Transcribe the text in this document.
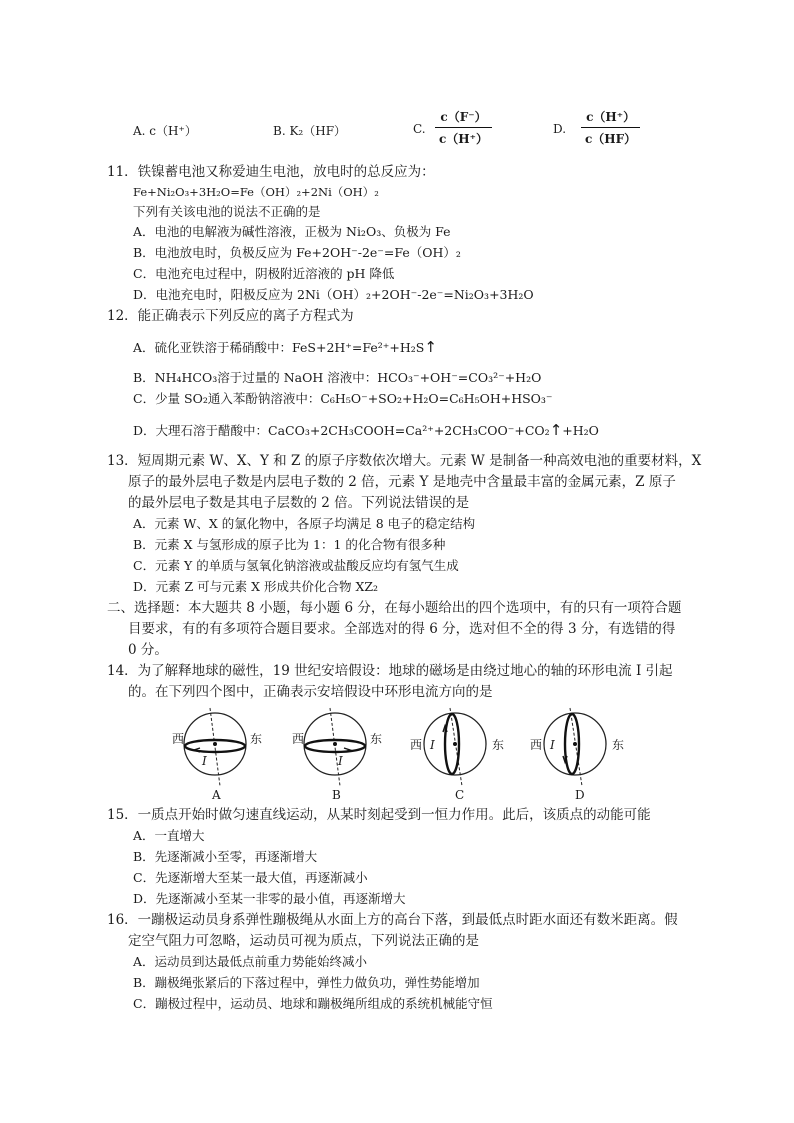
A. c（H⁺）	B. K₂（HF）	C.
c（F⁻）
c（H⁺）
D.
c（H⁺）
c（HF）
11．铁镍蓄电池又称爱迪生电池，放电时的总反应为：
Fe+Ni₂O₃+3H₂O=Fe（OH）₂+2Ni（OH）₂
下列有关该电池的说法不正确的是
A．电池的电解液为碱性溶液，正极为 Ni₂O₃、负极为 Fe
B．电池放电时，负极反应为 Fe+2OH⁻-2e⁻=Fe（OH）₂
C．电池充电过程中，阴极附近溶液的 pH 降低
D．电池充电时，阳极反应为 2Ni（OH）₂+2OH⁻-2e⁻=Ni₂O₃+3H₂O
12．能正确表示下列反应的离子方程式为
A．硫化亚铁溶于稀硝酸中：FeS+2H⁺=Fe²⁺+H₂S↑
B．NH₄HCO₃溶于过量的 NaOH 溶液中：HCO₃⁻+OH⁻=CO₃²⁻+H₂O
C．少量 SO₂通入苯酚钠溶液中：C₆H₅O⁻+SO₂+H₂O=C₆H₅OH+HSO₃⁻
D．大理石溶于醋酸中：CaCO₃+2CH₃COOH=Ca²⁺+2CH₃COO⁻+CO₂↑+H₂O
13．短周期元素 W、X、Y 和 Z 的原子序数依次增大。元素 W 是制备一种高效电池的重要材料，X
原子的最外层电子数是内层电子数的 2 倍，元素 Y 是地壳中含量最丰富的金属元素，Z 原子
的最外层电子数是其电子层数的 2 倍。下列说法错误的是
A．元素 W、X 的氯化物中，各原子均满足 8 电子的稳定结构
B．元素 X 与氢形成的原子比为 1：1 的化合物有很多种
C．元素 Y 的单质与氢氧化钠溶液或盐酸反应均有氢气生成
D．元素 Z 可与元素 X 形成共价化合物 XZ₂
二、选择题：本大题共 8 小题，每小题 6 分，在每小题给出的四个选项中，有的只有一项符合题
目要求，有的有多项符合题目要求。全部选对的得 6 分，选对但不全的得 3 分，有选错的得
0 分。
14．为了解释地球的磁性，19 世纪安培假设：地球的磁场是由绕过地心的轴的环形电流 I 引起
的。在下列四个图中，正确表示安培假设中环形电流方向的是
西	东
I
A
西	东
I
B
西	东
I
C
西	东
I
D
15．一质点开始时做匀速直线运动，从某时刻起受到一恒力作用。此后，该质点的动能可能
A．一直增大
B．先逐渐减小至零，再逐渐增大
C．先逐渐增大至某一最大值，再逐渐减小
D．先逐渐减小至某一非零的最小值，再逐渐增大
16．一蹦极运动员身系弹性蹦极绳从水面上方的高台下落，到最低点时距水面还有数米距离。假
定空气阻力可忽略，运动员可视为质点，下列说法正确的是
A．运动员到达最低点前重力势能始终减小
B．蹦极绳张紧后的下落过程中，弹性力做负功，弹性势能增加
C．蹦极过程中，运动员、地球和蹦极绳所组成的系统机械能守恒
